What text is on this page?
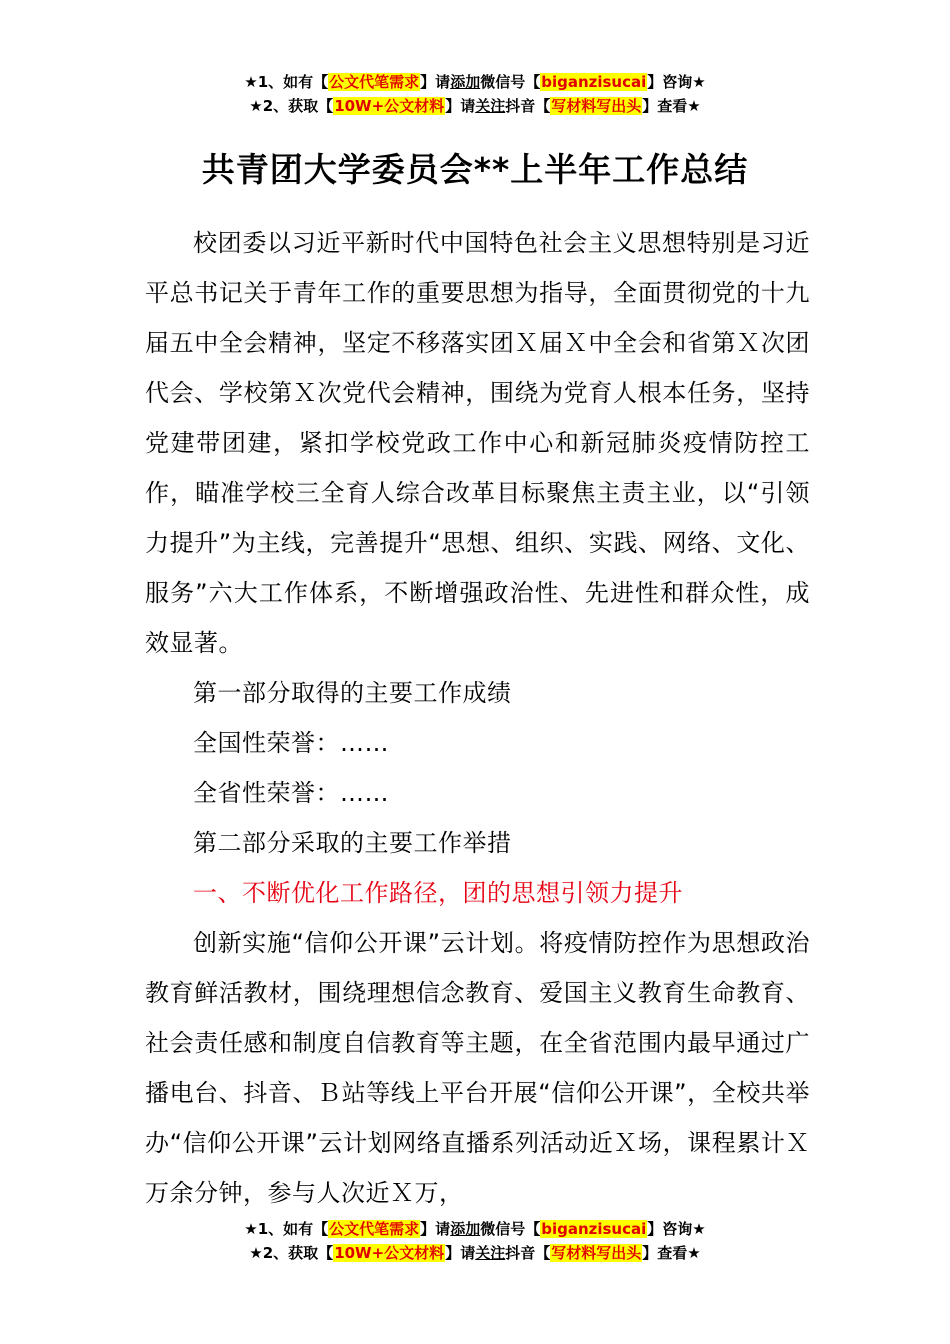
★1、如有【公文代笔需求】请添加微信号【biganzisucai】咨询★
★2、获取【10W+公文材料】请关注抖音【写材料写出头】查看★
共青团大学委员会**上半年工作总结

校团委以习近平新时代中国特色社会主义思想特别是习近平总书记关于青年工作的重要思想为指导，全面贯彻党的十九届五中全会精神，坚定不移落实团Ｘ届Ｘ中全会和省第Ｘ次团代会、学校第Ｘ次党代会精神，围绕为党育人根本任务，坚持党建带团建，紧扣学校党政工作中心和新冠肺炎疫情防控工作，瞄准学校三全育人综合改革目标聚焦主责主业，以“引领力提升”为主线，完善提升“思想、组织、实践、网络、文化、服务”六大工作体系，不断增强政治性、先进性和群众性，成效显著。

第一部分取得的主要工作成绩

全国性荣誉：……

全省性荣誉：……

第二部分采取的主要工作举措

一、不断优化工作路径，团的思想引领力提升

创新实施“信仰公开课”云计划。将疫情防控作为思想政治教育鲜活教材，围绕理想信念教育、爱国主义教育生命教育、社会责任感和制度自信教育等主题，在全省范围内最早通过广播电台、抖音、Ｂ站等线上平台开展“信仰公开课”，全校共举办“信仰公开课”云计划网络直播系列活动近Ｘ场，课程累计Ｘ万余分钟，参与人次近Ｘ万，

★1、如有【公文代笔需求】请添加微信号【biganzisucai】咨询★
★2、获取【10W+公文材料】请关注抖音【写材料写出头】查看★
